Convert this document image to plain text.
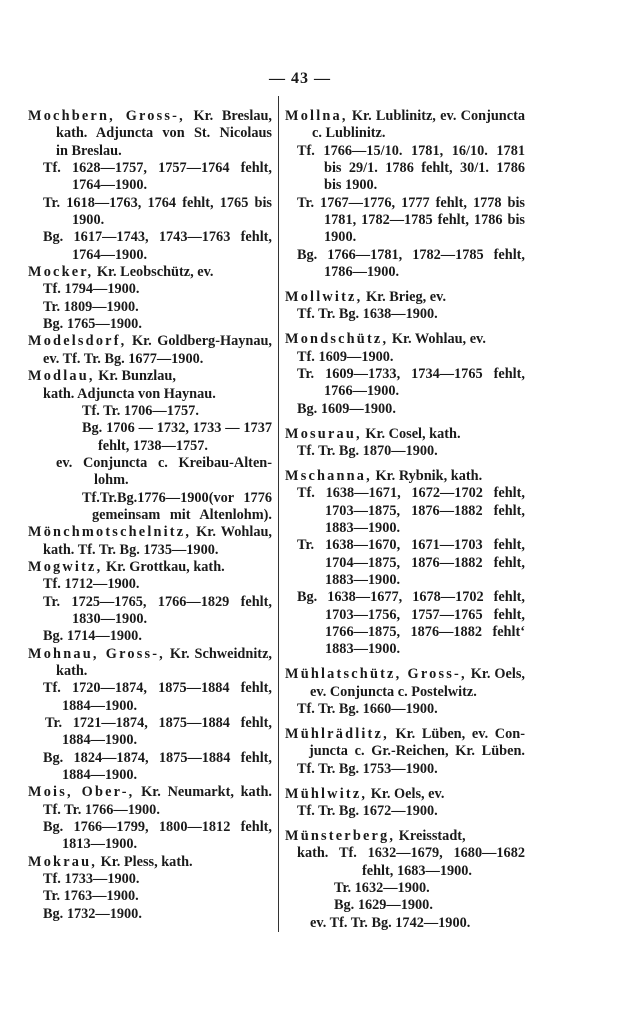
— 43 —
Mochbern, Gross-, Kr. Breslau,
kath. Adjuncta von St. Nicolaus
in Breslau.
Tf. 1628—1757, 1757—1764 fehlt,
1764—1900.
Tr. 1618—1763, 1764 fehlt, 1765 bis
1900.
Bg. 1617—1743, 1743—1763 fehlt,
1764—1900.
Mocker, Kr. Leobschütz, ev.
Tf. 1794—1900.
Tr. 1809—1900.
Bg. 1765—1900.
Modelsdorf, Kr. Goldberg-Haynau,
ev. Tf. Tr. Bg. 1677—1900.
Modlau, Kr. Bunzlau,
kath. Adjuncta von Haynau.
Tf. Tr. 1706—1757.
Bg. 1706 — 1732, 1733 — 1737
fehlt, 1738—1757.
ev. Conjuncta c. Kreibau-Alten-
lohm.
Tf.Tr.Bg.1776—1900(vor 1776
gemeinsam mit Altenlohm).
Mönchmotschelnitz, Kr. Wohlau,
kath. Tf. Tr. Bg. 1735—1900.
Mogwitz, Kr. Grottkau, kath.
Tf. 1712—1900.
Tr. 1725—1765, 1766—1829 fehlt,
1830—1900.
Bg. 1714—1900.
Mohnau, Gross-, Kr. Schweidnitz,
kath.
Tf. 1720—1874, 1875—1884 fehlt,
1884—1900.
Tr. 1721—1874, 1875—1884 fehlt,
1884—1900.
Bg. 1824—1874, 1875—1884 fehlt,
1884—1900.
Mois, Ober-, Kr. Neumarkt, kath.
Tf. Tr. 1766—1900.
Bg. 1766—1799, 1800—1812 fehlt,
1813—1900.
Mokrau, Kr. Pless, kath.
Tf. 1733—1900.
Tr. 1763—1900.
Bg. 1732—1900.
Mollna, Kr. Lublinitz, ev. Conjuncta
c. Lublinitz.
Tf. 1766—15/10. 1781, 16/10. 1781
bis 29/1. 1786 fehlt, 30/1. 1786
bis 1900.
Tr. 1767—1776, 1777 fehlt, 1778 bis
1781, 1782—1785 fehlt, 1786 bis
1900.
Bg. 1766—1781, 1782—1785 fehlt,
1786—1900.
Mollwitz, Kr. Brieg, ev.
Tf. Tr. Bg. 1638—1900.
Mondschütz, Kr. Wohlau, ev.
Tf. 1609—1900.
Tr. 1609—1733, 1734—1765 fehlt,
1766—1900.
Bg. 1609—1900.
Mosurau, Kr. Cosel, kath.
Tf. Tr. Bg. 1870—1900.
Mschanna, Kr. Rybnik, kath.
Tf. 1638—1671, 1672—1702 fehlt,
1703—1875, 1876—1882 fehlt,
1883—1900.
Tr. 1638—1670, 1671—1703 fehlt,
1704—1875, 1876—1882 fehlt,
1883—1900.
Bg. 1638—1677, 1678—1702 fehlt,
1703—1756, 1757—1765 fehlt,
1766—1875, 1876—1882 fehlt‘
1883—1900.
Mühlatschütz, Gross-, Kr. Oels,
ev. Conjuncta c. Postelwitz.
Tf. Tr. Bg. 1660—1900.
Mühlrädlitz, Kr. Lüben, ev. Con-
juncta c. Gr.-Reichen, Kr. Lüben.
Tf. Tr. Bg. 1753—1900.
Mühlwitz, Kr. Oels, ev.
Tf. Tr. Bg. 1672—1900.
Münsterberg, Kreisstadt,
kath. Tf. 1632—1679, 1680—1682
fehlt, 1683—1900.
Tr. 1632—1900.
Bg. 1629—1900.
ev. Tf. Tr. Bg. 1742—1900.
